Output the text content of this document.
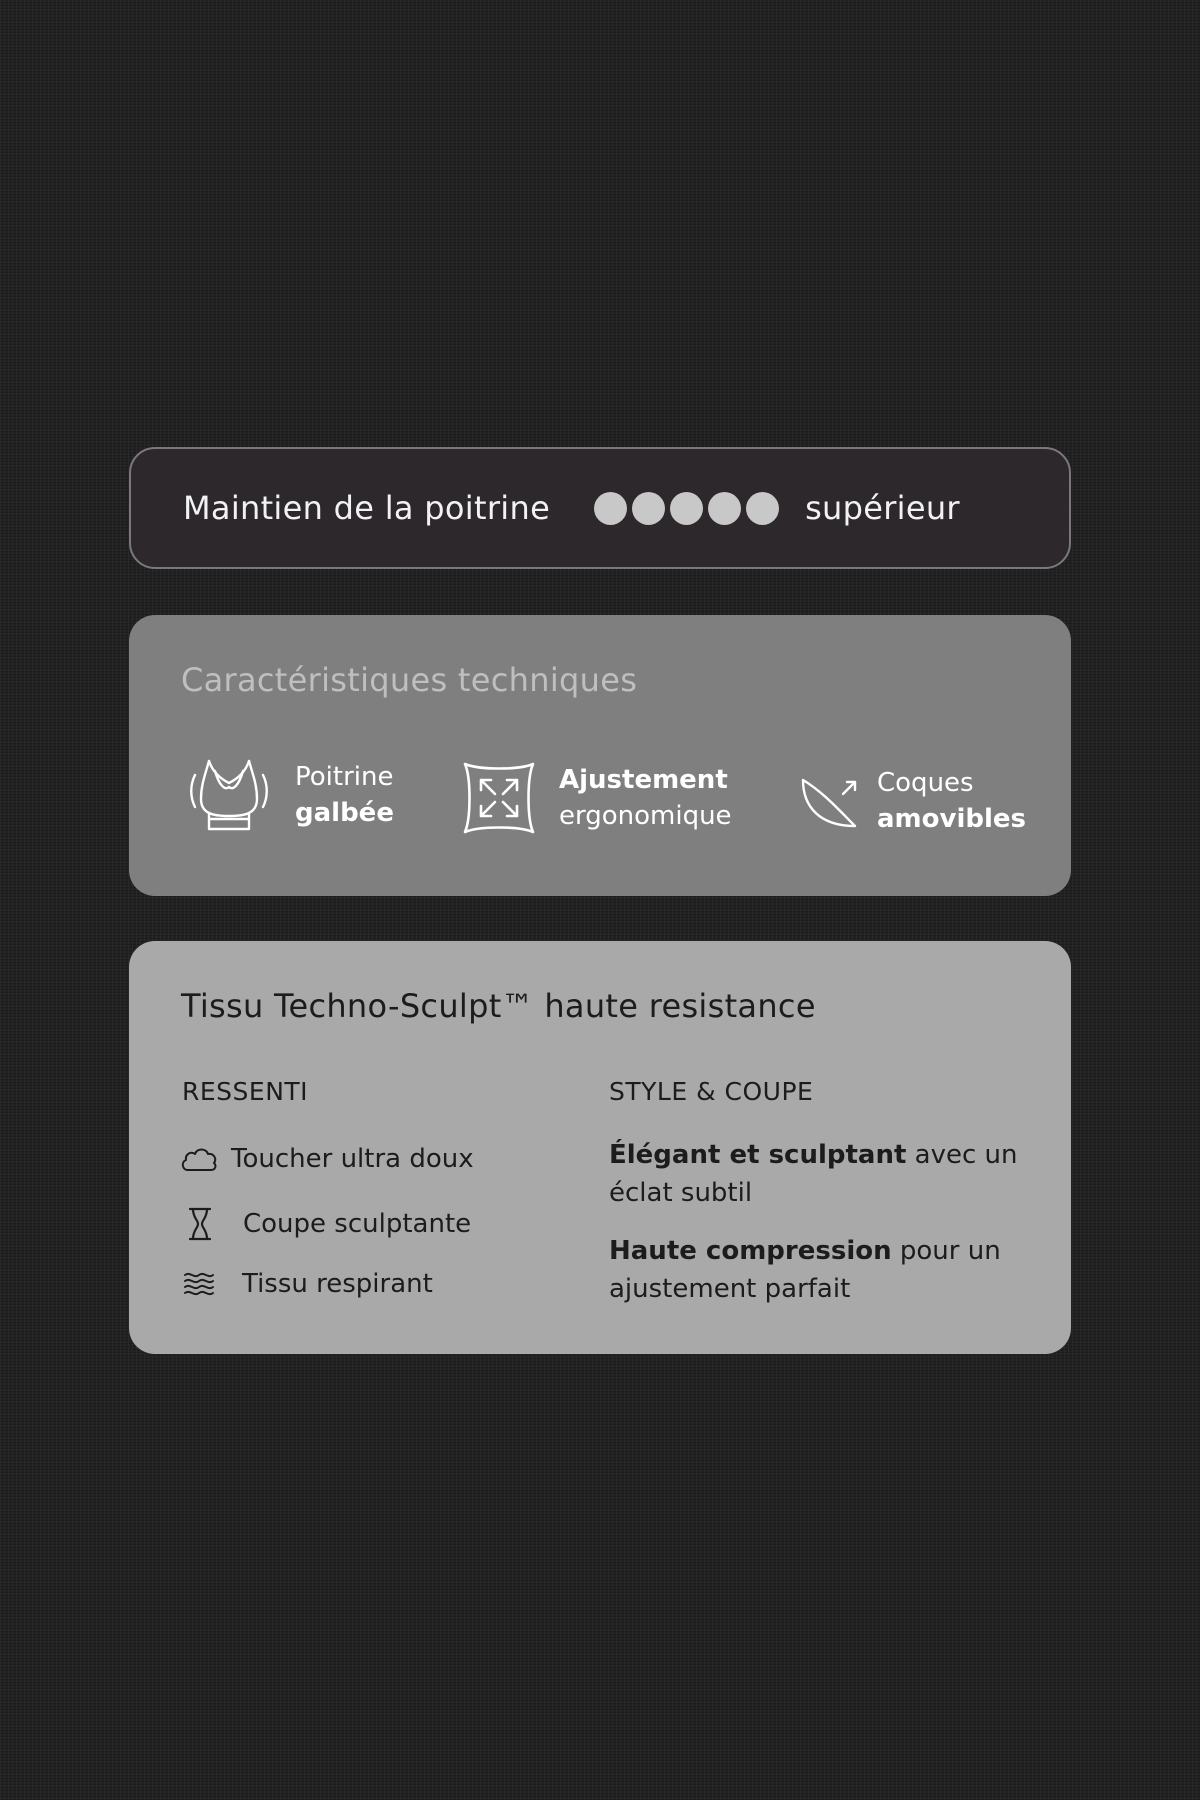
Maintien de la poitrine	supérieur
Caractéristiques techniques
Poitrine
galbée
Ajustement
ergonomique
Coques
amovibles
Tissu Techno-Sculpt™ haute resistance
RESSENTI	STYLE & COUPE
Toucher ultra doux
Coupe sculptante
Tissu respirant
Élégant et sculptant avec un éclat subtil
Haute compression pour un ajustement parfait
